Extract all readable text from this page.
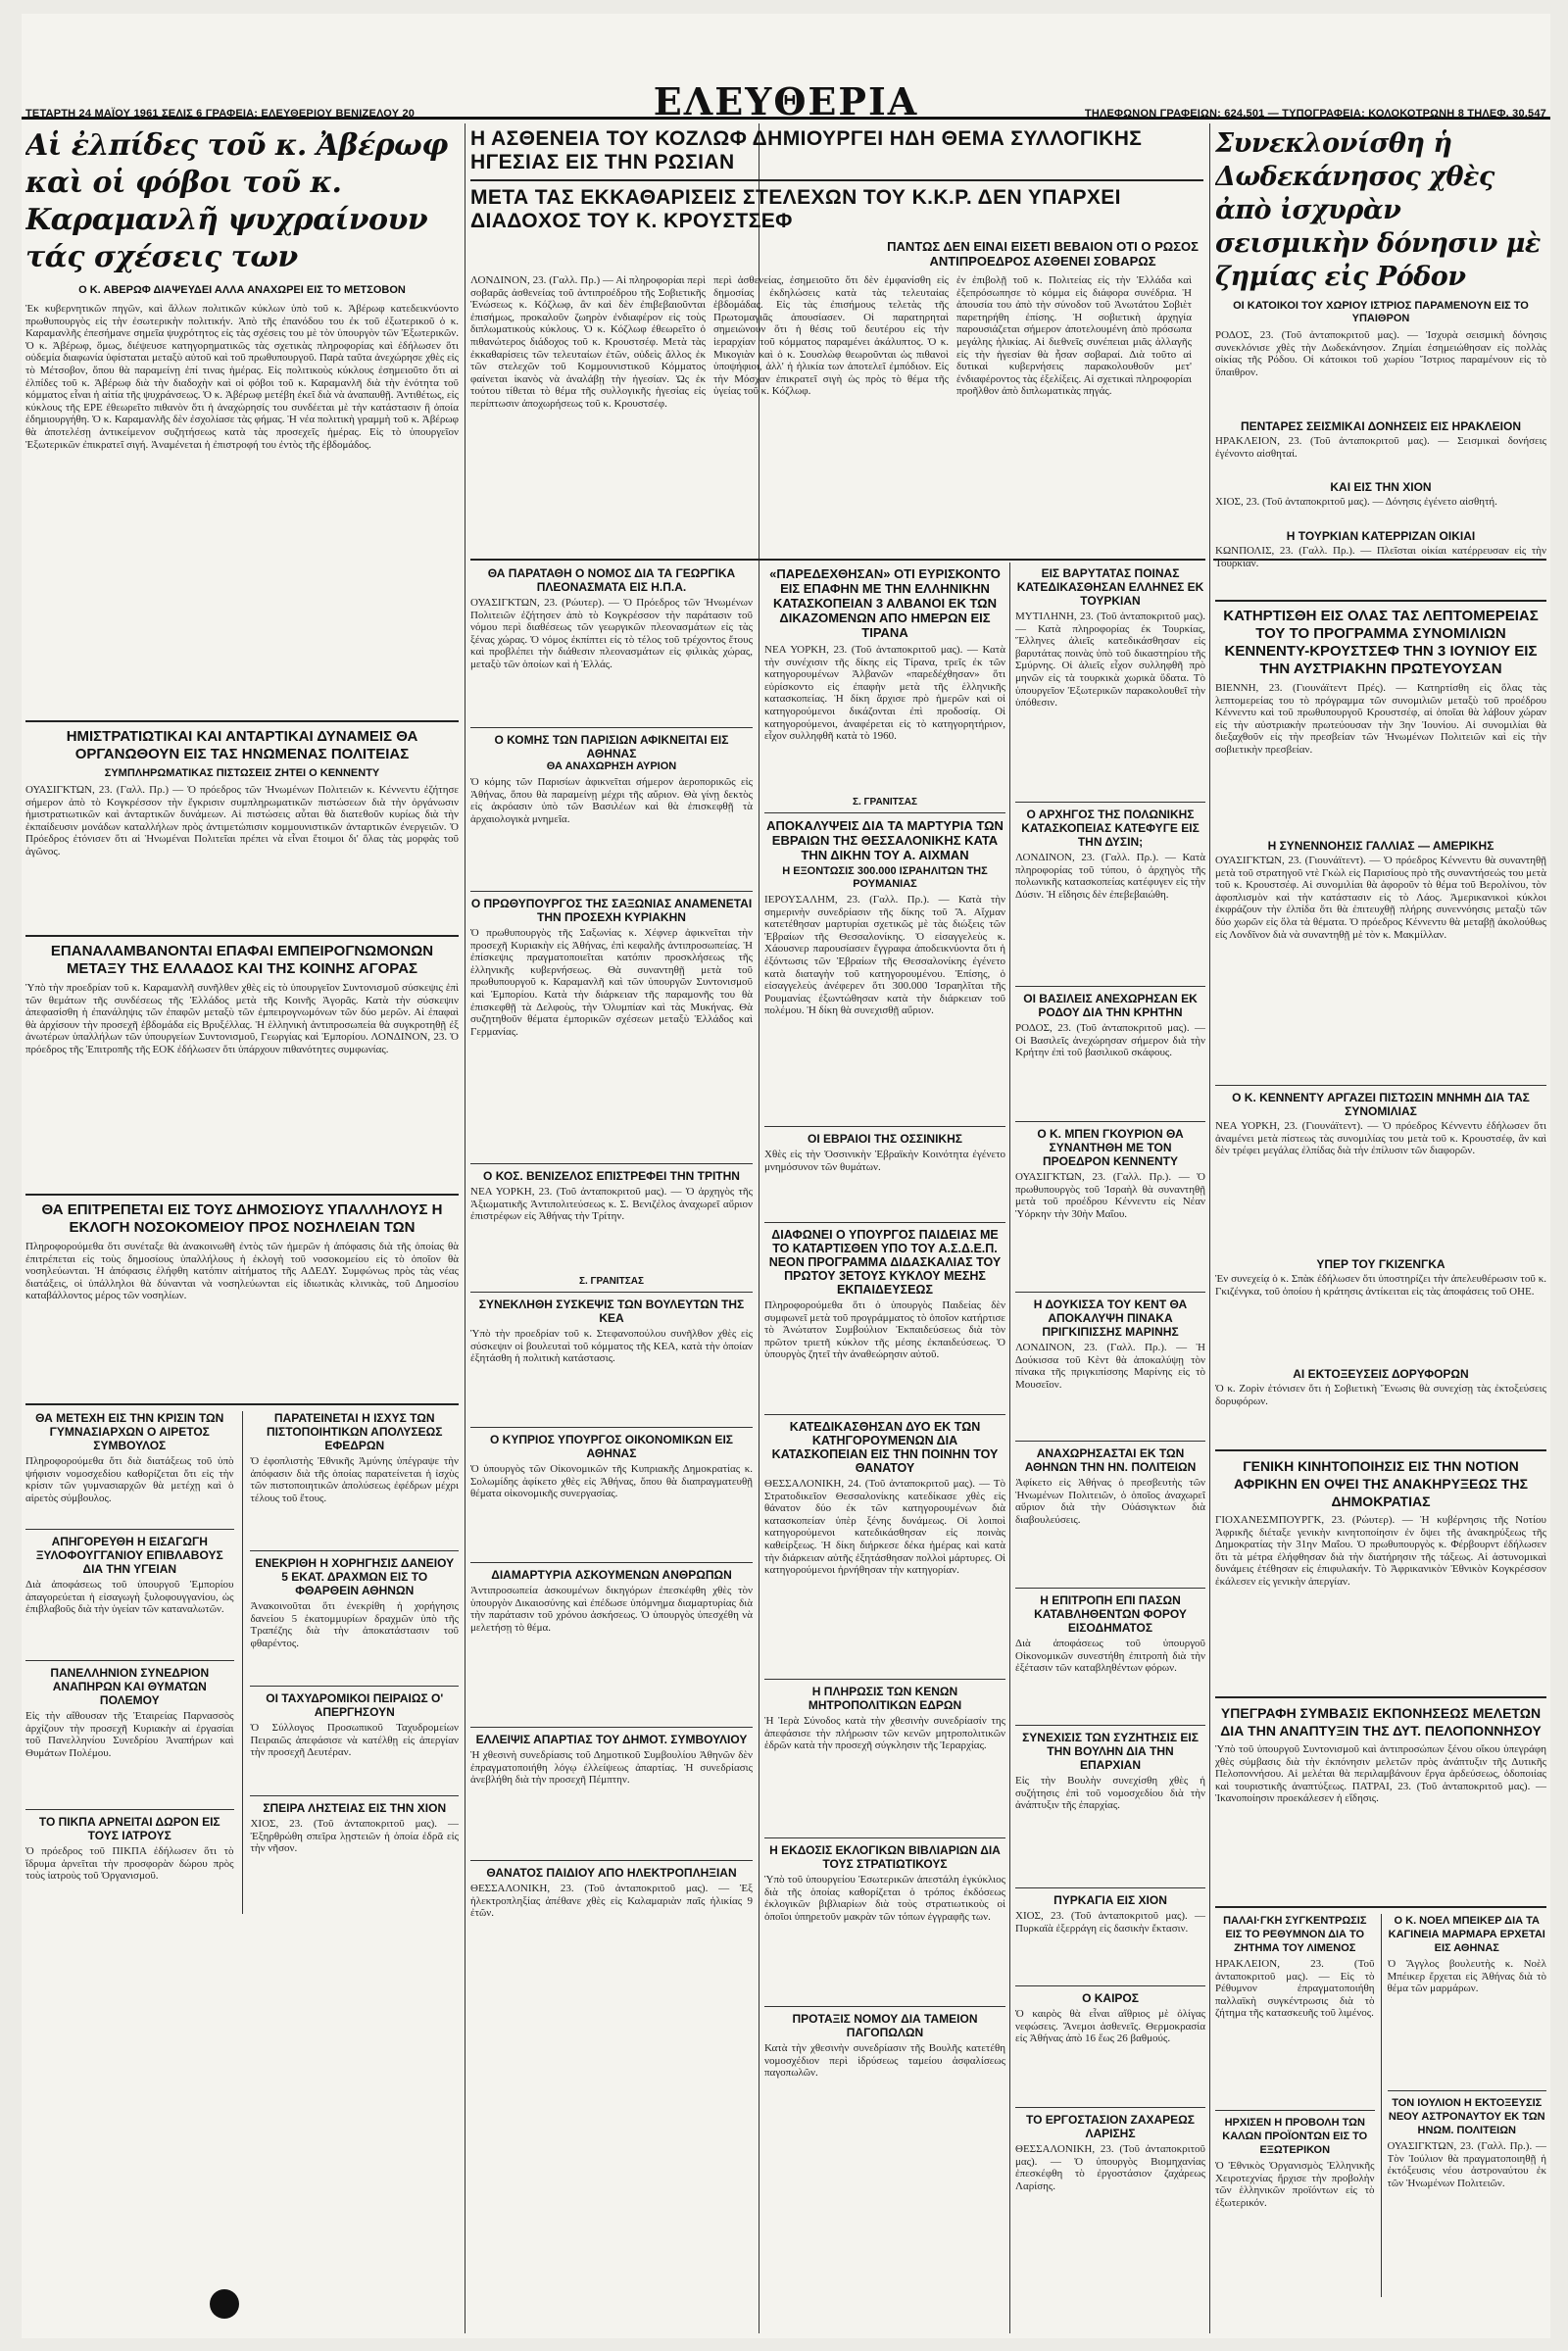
ΤΕΤΑΡΤΗ 24 ΜΑΪΟΥ 1961 ΣΕΛΙΣ 6 ΓΡΑΦΕΙΑ: ΕΛΕΥΘΕΡΙΟΥ ΒΕΝΙΖΕΛΟΥ 20	ΕΛΕΥΘΕΡΙΑ	ΤΗΛΕΦΩΝΟΝ ΓΡΑΦΕΙΩΝ: 624.501 — ΤΥΠΟΓΡΑΦΕΙΑ: ΚΟΛΟΚΟΤΡΩΝΗ 8 ΤΗΛΕΦ. 30.547
Αἱ ἐλπίδες τοῦ κ. Ἀβέρωφ καὶ οἱ φόβοι τοῦ κ. Καραμανλῆ ψυχραίνουν τάς σχέσεις των
Ο Κ. ΑΒΕΡΩΦ ΔΙΑΨΕΥΔΕΙ ΑΛΛΑ ΑΝΑΧΩΡΕΙ ΕΙΣ ΤΟ ΜΕΤΣΟΒΟΝ
Ἐκ κυβερνητικῶν πηγῶν, καὶ ἄλλων πολιτικῶν κύκλων ὑπὸ τοῦ κ. Ἀβέρωφ κατεδεικνύοντο πρωθυπουργὸς εἰς τὴν ἐσωτερικὴν πολιτικήν. Ἀπὸ τῆς ἐπανόδου του ἐκ τοῦ ἐξωτερικοῦ ὁ κ. Καραμανλῆς ἐπεσήμανε σημεῖα ψυχρότητος εἰς τὰς σχέσεις του μὲ τὸν ὑπουργὸν τῶν Ἐξωτερικῶν. Ὁ κ. Ἀβέρωφ, ὅμως, διέψευσε κατηγορηματικῶς τὰς σχετικὰς πληροφορίας καὶ ἐδήλωσεν ὅτι οὐδεμία διαφωνία ὑφίσταται μεταξὺ αὐτοῦ καὶ τοῦ πρωθυπουργοῦ. Παρὰ ταῦτα ἀνεχώρησε χθὲς εἰς τὸ Μέτσοβον, ὅπου θὰ παραμείνῃ ἐπί τινας ἡμέρας. Εἰς πολιτικοὺς κύκλους ἐσημειοῦτο ὅτι αἱ ἐλπίδες τοῦ κ. Ἀβέρωφ διὰ τὴν διαδοχὴν καὶ οἱ φόβοι τοῦ κ. Καραμανλῆ διὰ τὴν ἑνότητα τοῦ κόμματος εἶναι ἡ αἰτία τῆς ψυχράνσεως. Ὁ κ. Ἀβέρωφ μετέβη ἐκεῖ διὰ νὰ ἀναπαυθῇ. Ἀντιθέτως, εἰς κύκλους τῆς ΕΡΕ ἐθεωρεῖτο πιθανὸν ὅτι ἡ ἀναχώρησίς του συνδέεται μὲ τὴν κατάστασιν ἣ ὁποία ἐδημιουργήθη. Ὁ κ. Καραμανλῆς δὲν ἐσχολίασε τὰς φήμας. Ἡ νέα πολιτικὴ γραμμὴ τοῦ κ. Ἀβέρωφ θὰ ἀποτελέσῃ ἀντικείμενον συζητήσεως κατὰ τὰς προσεχεῖς ἡμέρας. Εἰς τὸ ὑπουργεῖον Ἐξωτερικῶν ἐπικρατεῖ σιγή. Ἀναμένεται ἡ ἐπιστροφή του ἐντὸς τῆς ἑβδομάδος.
ΗΜΙΣΤΡΑΤΙΩΤΙΚΑΙ ΚΑΙ ΑΝΤΑΡΤΙΚΑΙ ΔΥΝΑΜΕΙΣ ΘΑ ΟΡΓΑΝΩΘΟΥΝ ΕΙΣ ΤΑΣ ΗΝΩΜΕΝΑΣ ΠΟΛΙΤΕΙΑΣ
ΣΥΜΠΛΗΡΩΜΑΤΙΚΑΣ ΠΙΣΤΩΣΕΙΣ ΖΗΤΕΙ Ο ΚΕΝΝΕΝΤΥ
ΟΥΑΣΙΓΚΤΩΝ, 23. (Γαλλ. Πρ.) — Ὁ πρόεδρος τῶν Ἡνωμένων Πολιτειῶν κ. Κέννεντυ ἐζήτησε σήμερον ἀπὸ τὸ Κογκρέσσον τὴν ἔγκρισιν συμπληρωματικῶν πιστώσεων διὰ τὴν ὀργάνωσιν ἡμιστρατιωτικῶν καὶ ἀνταρτικῶν δυνάμεων. Αἱ πιστώσεις αὗται θὰ διατεθοῦν κυρίως διὰ τὴν ἐκπαίδευσιν μονάδων καταλλήλων πρὸς ἀντιμετώπισιν κομμουνιστικῶν ἀνταρτικῶν ἐνεργειῶν. Ὁ Πρόεδρος ἐτόνισεν ὅτι αἱ Ἡνωμέναι Πολιτεῖαι πρέπει νὰ εἶναι ἕτοιμοι δι' ὅλας τὰς μορφὰς τοῦ ἀγῶνος.
ΕΠΑΝΑΛΑΜΒΑΝΟΝΤΑΙ ΕΠΑΦΑΙ ΕΜΠΕΙΡΟΓΝΩΜΟΝΩΝ ΜΕΤΑΞΥ ΤΗΣ ΕΛΛΑΔΟΣ ΚΑΙ ΤΗΣ ΚΟΙΝΗΣ ΑΓΟΡΑΣ
Ὑπὸ τὴν προεδρίαν τοῦ κ. Καραμανλῆ συνῆλθεν χθὲς εἰς τὸ ὑπουργεῖον Συντονισμοῦ σύσκεψις ἐπὶ τῶν θεμάτων τῆς συνδέσεως τῆς Ἑλλάδος μετὰ τῆς Κοινῆς Ἀγορᾶς. Κατὰ τὴν σύσκεψιν ἀπεφασίσθη ἡ ἐπανάληψις τῶν ἐπαφῶν μεταξὺ τῶν ἐμπειρογνωμόνων τῶν δύο μερῶν. Αἱ ἐπαφαὶ θὰ ἀρχίσουν τὴν προσεχῆ ἑβδομάδα εἰς Βρυξέλλας. Ἡ ἑλληνικὴ ἀντιπροσωπεία θὰ συγκροτηθῇ ἐξ ἀνωτέρων ὑπαλλήλων τῶν ὑπουργείων Συντονισμοῦ, Γεωργίας καὶ Ἐμπορίου. ΛΟΝΔΙΝΟΝ, 23. Ὁ πρόεδρος τῆς Ἐπιτροπῆς τῆς ΕΟΚ ἐδήλωσεν ὅτι ὑπάρχουν πιθανότητες συμφωνίας.
ΘΑ ΕΠΙΤΡΕΠΕΤΑΙ ΕΙΣ ΤΟΥΣ ΔΗΜΟΣΙΟΥΣ ΥΠΑΛΛΗΛΟΥΣ Η ΕΚΛΟΓΗ ΝΟΣΟΚΟΜΕΙΟΥ ΠΡΟΣ ΝΟΣΗΛΕΙΑΝ ΤΩΝ
Πληροφορούμεθα ὅτι συνέταξε θὰ ἀνακοινωθῆ ἐντὸς τῶν ἡμερῶν ἡ ἀπόφασις διὰ τῆς ὁποίας θὰ ἐπιτρέπεται εἰς τοὺς δημοσίους ὑπαλλήλους ἡ ἐκλογὴ τοῦ νοσοκομείου εἰς τὸ ὁποῖον θὰ νοσηλεύωνται. Ἡ ἀπόφασις ἐλήφθη κατόπιν αἰτήματος τῆς ΑΔΕΔΥ. Συμφώνως πρὸς τὰς νέας διατάξεις, οἱ ὑπάλληλοι θὰ δύνανται νὰ νοσηλεύωνται εἰς ἰδιωτικὰς κλινικὰς, τοῦ Δημοσίου καταβάλλοντος μέρος τῶν νοσηλίων.
ΘΑ ΜΕΤΕΧΗ ΕΙΣ ΤΗΝ ΚΡΙΣΙΝ ΤΩΝ ΓΥΜΝΑΣΙΑΡΧΩΝ Ο ΑΙΡΕΤΟΣ ΣΥΜΒΟΥΛΟΣ
Πληροφορούμεθα ὅτι διὰ διατάξεως τοῦ ὑπὸ ψήφισιν νομοσχεδίου καθορίζεται ὅτι εἰς τὴν κρίσιν τῶν γυμνασιαρχῶν θὰ μετέχῃ καὶ ὁ αἱρετὸς σύμβουλος.
ΑΠΗΓΟΡΕΥΘΗ Η ΕΙΣΑΓΩΓΗ ΞΥΛΟΦΟΥΓΓΑΝΙΟΥ ΕΠΙΒΛΑΒΟΥΣ ΔΙΑ ΤΗΝ ΥΓΕΙΑΝ
Διὰ ἀποφάσεως τοῦ ὑπουργοῦ Ἐμπορίου ἀπαγορεύεται ἡ εἰσαγωγὴ ξυλοφουγγανίου, ὡς ἐπιβλαβοῦς διὰ τὴν ὑγείαν τῶν καταναλωτῶν.
ΠΑΝΕΛΛΗΝΙΟΝ ΣΥΝΕΔΡΙΟΝ ΑΝΑΠΗΡΩΝ ΚΑΙ ΘΥΜΑΤΩΝ ΠΟΛΕΜΟΥ
Εἰς τὴν αἴθουσαν τῆς Ἑταιρείας Παρνασσὸς ἀρχίζουν τὴν προσεχῆ Κυριακὴν αἱ ἐργασίαι τοῦ Πανελληνίου Συνεδρίου Ἀναπήρων καὶ Θυμάτων Πολέμου.
ΤΟ ΠΙΚΠΑ ΑΡΝΕΙΤΑΙ ΔΩΡΟΝ ΕΙΣ ΤΟΥΣ ΙΑΤΡΟΥΣ
Ὁ πρόεδρος τοῦ ΠΙΚΠΑ ἐδήλωσεν ὅτι τὸ ἵδρυμα ἀρνεῖται τὴν προσφορὰν δώρου πρὸς τοὺς ἰατροὺς τοῦ Ὀργανισμοῦ.
ΠΑΡΑΤΕΙΝΕΤΑΙ Η ΙΣΧΥΣ ΤΩΝ ΠΙΣΤΟΠΟΙΗΤΙΚΩΝ ΑΠΟΛΥΣΕΩΣ ΕΦΕΔΡΩΝ
Ὁ ἐφοπλιστὴς Ἐθνικῆς Ἀμύνης ὑπέγραψε τὴν ἀπόφασιν διὰ τῆς ὁποίας παρατείνεται ἡ ἰσχὺς τῶν πιστοποιητικῶν ἀπολύσεως ἐφέδρων μέχρι τέλους τοῦ ἔτους.
ΕΝΕΚΡΙΘΗ Η ΧΟΡΗΓΗΣΙΣ ΔΑΝΕΙΟΥ 5 ΕΚΑΤ. ΔΡΑΧΜΩΝ ΕΙΣ ΤΟ ΦΘΑΡΘΕΙΝ ΑΘΗΝΩΝ
Ἀνακοινοῦται ὅτι ἐνεκρίθη ἡ χορήγησις δανείου 5 ἑκατομμυρίων δραχμῶν ὑπὸ τῆς Τραπέζης διὰ τὴν ἀποκατάστασιν τοῦ φθαρέντος.
ΟΙ ΤΑΧΥΔΡΟΜΙΚΟΙ ΠΕΙΡΑΙΩΣ Ο' ΑΠΕΡΓΗΣΟΥΝ
Ὁ Σύλλογος Προσωπικοῦ Ταχυδρομείων Πειραιῶς ἀπεφάσισε νὰ κατέλθῃ εἰς ἀπεργίαν τὴν προσεχῆ Δευτέραν.
ΣΠΕΙΡΑ ΛΗΣΤΕΙΑΣ ΕΙΣ ΤΗΝ ΧΙΟΝ
ΧΙΟΣ, 23. (Τοῦ ἀνταποκριτοῦ μας). — Ἐξηρθρώθη σπεῖρα λῃστειῶν ἡ ὁποία ἐδρᾶ εἰς τὴν νῆσον.
Η ΑΣΘΕΝΕΙΑ ΤΟΥ ΚΟΖΛΩΦ ΔΗΜΙΟΥΡΓΕΙ ΗΔΗ ΘΕΜΑ ΣΥΛΛΟΓΙΚΗΣ ΗΓΕΣΙΑΣ ΕΙΣ ΤΗΝ ΡΩΣΙΑΝ
ΜΕΤΑ ΤΑΣ ΕΚΚΑΘΑΡΙΣΕΙΣ ΣΤΕΛΕΧΩΝ ΤΟΥ Κ.Κ.Ρ. ΔΕΝ ΥΠΑΡΧΕΙ ΔΙΑΔΟΧΟΣ ΤΟΥ Κ. ΚΡΟΥΣΤΣΕΦ
ΠΑΝΤΩΣ ΔΕΝ ΕΙΝΑΙ ΕΙΣΕΤΙ ΒΕΒΑΙΟΝ ΟΤΙ Ο ΡΩΣΟΣ ΑΝΤΙΠΡΟΕΔΡΟΣ ΑΣΘΕΝΕΙ ΣΟΒΑΡΩΣ
ΛΟΝΔΙΝΟΝ, 23. (Γαλλ. Πρ.) — Αἱ πληροφορίαι περὶ σοβαρᾶς ἀσθενείας τοῦ ἀντιπροέδρου τῆς Σοβιετικῆς Ἑνώσεως κ. Κόζλωφ, ἂν καὶ δὲν ἐπιβεβαιοῦνται ἐπισήμως, προκαλοῦν ζωηρὸν ἐνδιαφέρον εἰς τοὺς διπλωματικοὺς κύκλους. Ὁ κ. Κόζλωφ ἐθεωρεῖτο ὁ πιθανώτερος διάδοχος τοῦ κ. Κρουστσέφ. Μετὰ τὰς ἐκκαθαρίσεις τῶν τελευταίων ἐτῶν, οὐδεὶς ἄλλος ἐκ τῶν στελεχῶν τοῦ Κομμουνιστικοῦ Κόμματος φαίνεται ἱκανὸς νὰ ἀναλάβῃ τὴν ἡγεσίαν. Ὡς ἐκ τούτου τίθεται τὸ θέμα τῆς συλλογικῆς ἡγεσίας εἰς περίπτωσιν ἀποχωρήσεως τοῦ κ. Κρουστσέφ.
περὶ ἀσθενείας, ἐσημειοῦτο ὅτι δὲν ἐμφανίσθη εἰς δημοσίας ἐκδηλώσεις κατὰ τὰς τελευταίας ἑβδομάδας. Εἰς τὰς ἐπισήμους τελετὰς τῆς Πρωτομαγιᾶς ἀπουσίασεν. Οἱ παρατηρηταὶ σημειώνουν ὅτι ἡ θέσις τοῦ δευτέρου εἰς τὴν ἱεραρχίαν τοῦ κόμματος παραμένει ἀκάλυπτος. Ὁ κ. Μικογιὰν καὶ ὁ κ. Σουσλὼφ θεωροῦνται ὡς πιθανοὶ ὑποψήφιοι, ἀλλ' ἡ ἡλικία των ἀποτελεῖ ἐμπόδιον. Εἰς τὴν Μόσχαν ἐπικρατεῖ σιγὴ ὡς πρὸς τὸ θέμα τῆς ὑγείας τοῦ κ. Κόζλωφ.
ἐν ἐπιβολῇ τοῦ κ. Πολιτείας εἰς τὴν Ἐλλάδα καὶ ἐξεπρόσωπησε τὸ κόμμα εἰς διάφορα συνέδρια. Ἡ ἀπουσία του ἀπὸ τὴν σύνοδον τοῦ Ἀνωτάτου Σοβιὲτ παρετηρήθη ἐπίσης. Ἡ σοβιετικὴ ἀρχηγία παρουσιάζεται σήμερον ἀποτελουμένη ἀπὸ πρόσωπα μεγάλης ἡλικίας. Αἱ διεθνεῖς συνέπειαι μιᾶς ἀλλαγῆς εἰς τὴν ἡγεσίαν θὰ ἦσαν σοβαραί. Διὰ τοῦτο αἱ δυτικαὶ κυβερνήσεις παρακολουθοῦν μετ' ἐνδιαφέροντος τὰς ἐξελίξεις. Αἱ σχετικαὶ πληροφορίαι προῆλθον ἀπὸ διπλωματικὰς πηγάς.
ΘΑ ΠΑΡΑΤΑΘΗ Ο ΝΟΜΟΣ ΔΙΑ ΤΑ ΓΕΩΡΓΙΚΑ ΠΛΕΟΝΑΣΜΑΤΑ ΕΙΣ Η.Π.Α.
ΟΥΑΣΙΓΚΤΩΝ, 23. (Ρώυτερ). — Ὁ Πρόεδρος τῶν Ἡνωμένων Πολιτειῶν ἐζήτησεν ἀπὸ τὸ Κογκρέσσον τὴν παράτασιν τοῦ νόμου περὶ διαθέσεως τῶν γεωργικῶν πλεονασμάτων εἰς τὰς ξένας χώρας. Ὁ νόμος ἐκπίπτει εἰς τὸ τέλος τοῦ τρέχοντος ἔτους καὶ προβλέπει τὴν διάθεσιν πλεονασμάτων εἰς φιλικὰς χώρας, μεταξὺ τῶν ὁποίων καὶ ἡ Ἑλλάς.
Ο ΚΟΜΗΣ ΤΩΝ ΠΑΡΙΣΙΩΝ ΑΦΙΚΝΕΙΤΑΙ ΕΙΣ ΑΘΗΝΑΣ
ΘΑ ΑΝΑΧΩΡΗΣΗ ΑΥΡΙΟΝ
Ὁ κόμης τῶν Παρισίων ἀφικνεῖται σήμερον ἀεροπορικῶς εἰς Ἀθήνας, ὅπου θὰ παραμείνῃ μέχρι τῆς αὔριον. Θὰ γίνῃ δεκτὸς εἰς ἀκρόασιν ὑπὸ τῶν Βασιλέων καὶ θὰ ἐπισκεφθῇ τὰ ἀρχαιολογικὰ μνημεῖα.
Ο ΠΡΩΘΥΠΟΥΡΓΟΣ ΤΗΣ ΣΑΞΩΝΙΑΣ ΑΝΑΜΕΝΕΤΑΙ ΤΗΝ ΠΡΟΣΕΧΗ ΚΥΡΙΑΚΗΝ
Ὁ πρωθυπουργὸς τῆς Σαξωνίας κ. Χέφνερ ἀφικνεῖται τὴν προσεχῆ Κυριακὴν εἰς Ἀθήνας, ἐπὶ κεφαλῆς ἀντιπροσωπείας. Ἡ ἐπίσκεψις πραγματοποιεῖται κατόπιν προσκλήσεως τῆς ἑλληνικῆς κυβερνήσεως. Θὰ συναντηθῇ μετὰ τοῦ πρωθυπουργοῦ κ. Καραμανλῆ καὶ τῶν ὑπουργῶν Συντονισμοῦ καὶ Ἐμπορίου. Κατὰ τὴν διάρκειαν τῆς παραμονῆς του θὰ ἐπισκεφθῇ τὰ Δελφοὺς, τὴν Ὀλυμπίαν καὶ τὰς Μυκήνας. Θὰ συζητηθοῦν θέματα ἐμπορικῶν σχέσεων μεταξὺ Ἑλλάδος καὶ Γερμανίας.
Ο ΚΟΣ. ΒΕΝΙΖΕΛΟΣ ΕΠΙΣΤΡΕΦΕΙ ΤΗΝ ΤΡΙΤΗΝ
ΝΕΑ ΥΟΡΚΗ, 23. (Τοῦ ἀνταποκριτοῦ μας). — Ὁ ἀρχηγὸς τῆς Ἀξιωματικῆς Ἀντιπολιτεύσεως κ. Σ. Βενιζέλος ἀναχωρεῖ αὔριον ἐπιστρέφων εἰς Ἀθήνας τὴν Τρίτην.
Σ. ΓΡΑΝΙΤΣΑΣ
ΣΥΝΕΚΛΗΘΗ ΣΥΣΚΕΨΙΣ ΤΩΝ ΒΟΥΛΕΥΤΩΝ ΤΗΣ ΚΕΑ
Ὑπὸ τὴν προεδρίαν τοῦ κ. Στεφανοπούλου συνῆλθον χθὲς εἰς σύσκεψιν οἱ βουλευταὶ τοῦ κόμματος τῆς ΚΕΑ, κατὰ τὴν ὁποίαν ἐξητάσθη ἡ πολιτικὴ κατάστασις.
Ο ΚΥΠΡΙΟΣ ΥΠΟΥΡΓΟΣ ΟΙΚΟΝΟΜΙΚΩΝ ΕΙΣ ΑΘΗΝΑΣ
Ὁ ὑπουργὸς τῶν Οἰκονομικῶν τῆς Κυπριακῆς Δημοκρατίας κ. Σολωμίδης ἀφίκετο χθὲς εἰς Ἀθήνας, ὅπου θὰ διαπραγματευθῇ θέματα οἰκονομικῆς συνεργασίας.
ΔΙΑΜΑΡΤΥΡΙΑ ΑΣΚΟΥΜΕΝΩΝ ΑΝΘΡΩΠΩΝ
Ἀντιπροσωπεία ἀσκουμένων δικηγόρων ἐπεσκέφθη χθὲς τὸν ὑπουργὸν Δικαιοσύνης καὶ ἐπέδωσε ὑπόμνημα διαμαρτυρίας διὰ τὴν παράτασιν τοῦ χρόνου ἀσκήσεως. Ὁ ὑπουργὸς ὑπεσχέθη νὰ μελετήσῃ τὸ θέμα.
ΕΛΛΕΙΨΙΣ ΑΠΑΡΤΙΑΣ ΤΟΥ ΔΗΜΟΤ. ΣΥΜΒΟΥΛΙΟΥ
Ἡ χθεσινὴ συνεδρίασις τοῦ Δημοτικοῦ Συμβουλίου Ἀθηνῶν δὲν ἐπραγματοποιήθη λόγῳ ἐλλείψεως ἀπαρτίας. Ἡ συνεδρίασις ἀνεβλήθη διὰ τὴν προσεχῆ Πέμπτην.
ΘΑΝΑΤΟΣ ΠΑΙΔΙΟΥ ΑΠΟ ΗΛΕΚΤΡΟΠΛΗΞΙΑΝ
ΘΕΣΣΑΛΟΝΙΚΗ, 23. (Τοῦ ἀνταποκριτοῦ μας). — Ἐξ ἠλεκτροπληξίας ἀπέθανε χθὲς εἰς Καλαμαριὰν παῖς ἡλικίας 9 ἐτῶν.
«ΠΑΡΕΔΕΧΘΗΣΑΝ» ΟΤΙ ΕΥΡΙΣΚΟΝΤΟ ΕΙΣ ΕΠΑΦΗΝ ΜΕ ΤΗΝ ΕΛΛΗΝΙΚΗΝ ΚΑΤΑΣΚΟΠΕΙΑΝ 3 ΑΛΒΑΝΟΙ ΕΚ ΤΩΝ ΔΙΚΑΖΟΜΕΝΩΝ ΑΠΟ ΗΜΕΡΩΝ ΕΙΣ ΤΙΡΑΝΑ
ΝΕΑ ΥΟΡΚΗ, 23. (Τοῦ ἀνταποκριτοῦ μας). — Κατὰ τὴν συνέχισιν τῆς δίκης εἰς Τίρανα, τρεῖς ἐκ τῶν κατηγορουμένων Ἀλβανῶν «παρεδέχθησαν» ὅτι εὑρίσκοντο εἰς ἐπαφὴν μετὰ τῆς ἑλληνικῆς κατασκοπείας. Ἡ δίκη ἄρχισε πρὸ ἡμερῶν καὶ οἱ κατηγορούμενοι δικάζονται ἐπὶ προδοσίᾳ. Οἱ κατηγορούμενοι, ἀναφέρεται εἰς τὸ κατηγορητήριον, εἶχον συλληφθῆ κατὰ τὸ 1960.
Σ. ΓΡΑΝΙΤΣΑΣ
ΑΠΟΚΑΛΥΨΕΙΣ ΔΙΑ ΤΑ ΜΑΡΤΥΡΙΑ ΤΩΝ ΕΒΡΑΙΩΝ ΤΗΣ ΘΕΣΣΑΛΟΝΙΚΗΣ ΚΑΤΑ ΤΗΝ ΔΙΚΗΝ ΤΟΥ Α. ΑΙΧΜΑΝ
Η ΕΞΟΝΤΩΣΙΣ 300.000 ΙΣΡΑΗΛΙΤΩΝ ΤΗΣ ΡΟΥΜΑΝΙΑΣ
ΙΕΡΟΥΣΑΛΗΜ, 23. (Γαλλ. Πρ.). — Κατὰ τὴν σημερινὴν συνεδρίασιν τῆς δίκης τοῦ Ἄ. Αἴχμαν κατετέθησαν μαρτυρίαι σχετικῶς μὲ τὰς διώξεις τῶν Ἑβραίων τῆς Θεσσαλονίκης. Ὁ εἰσαγγελεὺς κ. Χάουσνερ παρουσίασεν ἔγγραφα ἀποδεικνύοντα ὅτι ἡ ἐξόντωσις τῶν Ἑβραίων τῆς Θεσσαλονίκης ἐγένετο κατὰ διαταγὴν τοῦ κατηγορουμένου. Ἐπίσης, ὁ εἰσαγγελεὺς ἀνέφερεν ὅτι 300.000 Ἰσραηλῖται τῆς Ρουμανίας ἐξωντώθησαν κατὰ τὴν διάρκειαν τοῦ πολέμου. Ἡ δίκη θὰ συνεχισθῇ αὔριον.
ΟΙ ΕΒΡΑΙΟΙ ΤΗΣ ΟΣΣΙΝΙΚΗΣ
Χθὲς εἰς τὴν Ὀσσινικὴν Ἑβραϊκὴν Κοινότητα ἐγένετο μνημόσυνον τῶν θυμάτων.
ΔΙΑΦΩΝΕΙ Ο ΥΠΟΥΡΓΟΣ ΠΑΙΔΕΙΑΣ ΜΕ ΤΟ ΚΑΤΑΡΤΙΣΘΕΝ ΥΠΟ ΤΟΥ Α.Σ.Δ.Ε.Π. ΝΕΟΝ ΠΡΟΓΡΑΜΜΑ ΔΙΔΑΣΚΑΛΙΑΣ ΤΟΥ ΠΡΩΤΟΥ 3ΕΤΟΥΣ ΚΥΚΛΟΥ ΜΕΣΗΣ ΕΚΠΑΙΔΕΥΣΕΩΣ
Πληροφορούμεθα ὅτι ὁ ὑπουργὸς Παιδείας δὲν συμφωνεῖ μετὰ τοῦ προγράμματος τὸ ὁποῖον κατήρτισε τὸ Ἀνώτατον Συμβούλιον Ἐκπαιδεύσεως διὰ τὸν πρῶτον τριετῆ κύκλον τῆς μέσης ἐκπαιδεύσεως. Ὁ ὑπουργὸς ζητεῖ τὴν ἀναθεώρησιν αὐτοῦ.
ΚΑΤΕΔΙΚΑΣΘΗΣΑΝ ΔΥΟ ΕΚ ΤΩΝ ΚΑΤΗΓΟΡΟΥΜΕΝΩΝ ΔΙΑ ΚΑΤΑΣΚΟΠΕΙΑΝ ΕΙΣ ΤΗΝ ΠΟΙΝΗΝ ΤΟΥ ΘΑΝΑΤΟΥ
ΘΕΣΣΑΛΟΝΙΚΗ, 24. (Τοῦ ἀνταποκριτοῦ μας). — Τὸ Στρατοδικεῖον Θεσσαλονίκης κατεδίκασε χθὲς εἰς θάνατον δύο ἐκ τῶν κατηγορουμένων διὰ κατασκοπείαν ὑπὲρ ξένης δυνάμεως. Οἱ λοιποὶ κατηγορούμενοι κατεδικάσθησαν εἰς ποινὰς καθείρξεως. Ἡ δίκη διήρκεσε δέκα ἡμέρας καὶ κατὰ τὴν διάρκειαν αὐτῆς ἐξητάσθησαν πολλοὶ μάρτυρες. Οἱ κατηγορούμενοι ἠρνήθησαν τὴν κατηγορίαν.
Η ΠΛΗΡΩΣΙΣ ΤΩΝ ΚΕΝΩΝ ΜΗΤΡΟΠΟΛΙΤΙΚΩΝ ΕΔΡΩΝ
Ἡ Ἱερὰ Σύνοδος κατὰ τὴν χθεσινὴν συνεδρίασίν της ἀπεφάσισε τὴν πλήρωσιν τῶν κενῶν μητροπολιτικῶν ἑδρῶν κατὰ τὴν προσεχῆ σύγκλησιν τῆς Ἱεραρχίας.
Η ΕΚΔΟΣΙΣ ΕΚΛΟΓΙΚΩΝ ΒΙΒΛΙΑΡΙΩΝ ΔΙΑ ΤΟΥΣ ΣΤΡΑΤΙΩΤΙΚΟΥΣ
Ὑπὸ τοῦ ὑπουργείου Ἐσωτερικῶν ἀπεστάλη ἐγκύκλιος διὰ τῆς ὁποίας καθορίζεται ὁ τρόπος ἐκδόσεως ἐκλογικῶν βιβλιαρίων διὰ τοὺς στρατιωτικοὺς οἱ ὁποῖοι ὑπηρετοῦν μακρὰν τῶν τόπων ἐγγραφῆς των.
ΠΡΟΤΑΞΙΣ ΝΟΜΟΥ ΔΙΑ ΤΑΜΕΙΟΝ ΠΑΓΟΠΩΛΩΝ
Κατὰ τὴν χθεσινὴν συνεδρίασιν τῆς Βουλῆς κατετέθη νομοσχέδιον περὶ ἱδρύσεως ταμείου ἀσφαλίσεως παγοπωλῶν.
ΕΙΣ ΒΑΡΥΤΑΤΑΣ ΠΟΙΝΑΣ ΚΑΤΕΔΙΚΑΣΘΗΣΑΝ ΕΛΛΗΝΕΣ ΕΚ ΤΟΥΡΚΙΑΝ
ΜΥΤΙΛΗΝΗ, 23. (Τοῦ ἀνταποκριτοῦ μας). — Κατὰ πληροφορίας ἐκ Τουρκίας, Ἕλληνες ἀλιεῖς κατεδικάσθησαν εἰς βαρυτάτας ποινὰς ὑπὸ τοῦ δικαστηρίου τῆς Σμύρνης. Οἱ ἀλιεῖς εἶχον συλληφθῆ πρὸ μηνῶν εἰς τὰ τουρκικὰ χωρικὰ ὕδατα. Τὸ ὑπουργεῖον Ἐξωτερικῶν παρακολουθεῖ τὴν ὑπόθεσιν.
Ο ΑΡΧΗΓΟΣ ΤΗΣ ΠΟΛΩΝΙΚΗΣ ΚΑΤΑΣΚΟΠΕΙΑΣ ΚΑΤΕΦΥΓΕ ΕΙΣ ΤΗΝ ΔΥΣΙΝ;
ΛΟΝΔΙΝΟΝ, 23. (Γαλλ. Πρ.). — Κατὰ πληροφορίας τοῦ τύπου, ὁ ἀρχηγὸς τῆς πολωνικῆς κατασκοπείας κατέφυγεν εἰς τὴν Δύσιν. Ἡ εἴδησις δὲν ἐπεβεβαιώθη.
ΟΙ ΒΑΣΙΛΕΙΣ ΑΝΕΧΩΡΗΣΑΝ ΕΚ ΡΟΔΟΥ ΔΙΑ ΤΗΝ ΚΡΗΤΗΝ
ΡΟΔΟΣ, 23. (Τοῦ ἀνταποκριτοῦ μας). — Οἱ Βασιλεῖς ἀνεχώρησαν σήμερον διὰ τὴν Κρήτην ἐπὶ τοῦ βασιλικοῦ σκάφους.
Ο Κ. ΜΠΕΝ ΓΚΟΥΡΙΟΝ ΘΑ ΣΥΝΑΝΤΗΘΗ ΜΕ ΤΟΝ ΠΡΟΕΔΡΟΝ ΚΕΝΝΕΝΤΥ
ΟΥΑΣΙΓΚΤΩΝ, 23. (Γαλλ. Πρ.). — Ὁ πρωθυπουργὸς τοῦ Ἰσραὴλ θὰ συναντηθῇ μετὰ τοῦ προέδρου Κέννεντυ εἰς Νέαν Ὑόρκην τὴν 30ὴν Μαΐου.
Η ΔΟΥΚΙΣΣΑ ΤΟΥ ΚΕΝΤ ΘΑ ΑΠΟΚΑΛΥΨΗ ΠΙΝΑΚΑ ΠΡΙΓΚΙΠΙΣΣΗΣ ΜΑΡΙΝΗΣ
ΛΟΝΔΙΝΟΝ, 23. (Γαλλ. Πρ.). — Ἡ Δούκισσα τοῦ Κὲντ θὰ ἀποκαλύψῃ τὸν πίνακα τῆς πριγκιπίσσης Μαρίνης εἰς τὸ Μουσεῖον.
ΑΝΑΧΩΡΗΣΑΣΤΑΙ ΕΚ ΤΩΝ ΑΘΗΝΩΝ ΤΗΝ ΗΝ. ΠΟΛΙΤΕΙΩΝ
Ἀφίκετο εἰς Ἀθήνας ὁ πρεσβευτὴς τῶν Ἡνωμένων Πολιτειῶν, ὁ ὁποῖος ἀναχωρεῖ αὔριον διὰ τὴν Οὐάσιγκτων διὰ διαβουλεύσεις.
Η ΕΠΙΤΡΟΠΗ ΕΠΙ ΠΑΣΩΝ ΚΑΤΑΒΛΗΘΕΝΤΩΝ ΦΟΡΟΥ ΕΙΣΟΔΗΜΑΤΟΣ
Διὰ ἀποφάσεως τοῦ ὑπουργοῦ Οἰκονομικῶν συνεστήθη ἐπιτροπὴ διὰ τὴν ἐξέτασιν τῶν καταβληθέντων φόρων.
ΣΥΝΕΧΙΣΙΣ ΤΩΝ ΣΥΖΗΤΗΣΙΣ ΕΙΣ ΤΗΝ ΒΟΥΛΗΝ ΔΙΑ ΤΗΝ ΕΠΑΡΧΙΑΝ
Εἰς τὴν Βουλὴν συνεχίσθη χθὲς ἡ συζήτησις ἐπὶ τοῦ νομοσχεδίου διὰ τὴν ἀνάπτυξιν τῆς ἐπαρχίας.
ΠΥΡΚΑΓΙΑ ΕΙΣ ΧΙΟΝ
ΧΙΟΣ, 23. (Τοῦ ἀνταποκριτοῦ μας). — Πυρκαϊὰ ἐξερράγη εἰς δασικὴν ἔκτασιν.
Ο ΚΑΙΡΟΣ
Ὁ καιρὸς θὰ εἶναι αἴθριος μὲ ὀλίγας νεφώσεις. Ἄνεμοι ἀσθενεῖς. Θερμοκρασία εἰς Ἀθήνας ἀπὸ 16 ἕως 26 βαθμούς.
ΤΟ ΕΡΓΟΣΤΑΣΙΟΝ ΖΑΧΑΡΕΩΣ ΛΑΡΙΣΗΣ
ΘΕΣΣΑΛΟΝΙΚΗ, 23. (Τοῦ ἀνταποκριτοῦ μας). — Ὁ ὑπουργὸς Βιομηχανίας ἐπεσκέφθη τὸ ἐργοστάσιον ζαχάρεως Λαρίσης.
Συνεκλονίσθη ἡ Δωδεκάνησος χθὲς ἀπὸ ἰσχυρὰν σεισμικὴν δόνησιν μὲ ζημίας εἰς Ρόδον
ΟΙ ΚΑΤΟΙΚΟΙ ΤΟΥ ΧΩΡΙΟΥ ΙΣΤΡΙΟΣ ΠΑΡΑΜΕΝΟΥΝ ΕΙΣ ΤΟ ΥΠΑΙΘΡΟΝ
ΡΟΔΟΣ, 23. (Τοῦ ἀνταποκριτοῦ μας). — Ἰσχυρὰ σεισμικὴ δόνησις συνεκλόνισε χθὲς τὴν Δωδεκάνησον. Ζημίαι ἐσημειώθησαν εἰς πολλὰς οἰκίας τῆς Ρόδου. Οἱ κάτοικοι τοῦ χωρίου Ἴστριος παραμένουν εἰς τὸ ὕπαιθρον.
ΠΕΝΤΑΡΕΣ ΣΕΙΣΜΙΚΑΙ ΔΟΝΗΣΕΙΣ ΕΙΣ ΗΡΑΚΛΕΙΟΝ
ΗΡΑΚΛΕΙΟΝ, 23. (Τοῦ ἀνταποκριτοῦ μας). — Σεισμικαὶ δονήσεις ἐγένοντο αἰσθηταί.
ΚΑΙ ΕΙΣ ΤΗΝ ΧΙΟΝ
ΧΙΟΣ, 23. (Τοῦ ἀνταποκριτοῦ μας). — Δόνησις ἐγένετο αἰσθητή.
Η ΤΟΥΡΚΙΑΝ ΚΑΤΕΡΡΙΖΑΝ ΟΙΚΙΑΙ
ΚΩΝΠΟΛΙΣ, 23. (Γαλλ. Πρ.). — Πλεῖσται οἰκίαι κατέρρευσαν εἰς τὴν Τουρκίαν.
ΚΑΤΗΡΤΙΣΘΗ ΕΙΣ ΟΛΑΣ ΤΑΣ ΛΕΠΤΟΜΕΡΕΙΑΣ ΤΟΥ ΤΟ ΠΡΟΓΡΑΜΜΑ ΣΥΝΟΜΙΛΙΩΝ ΚΕΝΝΕΝΤΥ-ΚΡΟΥΣΤΣΕΦ ΤΗΝ 3 ΙΟΥΝΙΟΥ ΕΙΣ ΤΗΝ ΑΥΣΤΡΙΑΚΗΝ ΠΡΩΤΕΥΟΥΣΑΝ
ΒΙΕΝΝΗ, 23. (Γιουνάϊτεντ Πρές). — Κατηρτίσθη εἰς ὅλας τὰς λεπτομερείας του τὸ πρόγραμμα τῶν συνομιλιῶν μεταξὺ τοῦ προέδρου Κέννεντυ καὶ τοῦ πρωθυπουργοῦ Κρουστσέφ, αἱ ὁποῖαι θὰ λάβουν χώραν εἰς τὴν αὐστριακὴν πρωτεύουσαν τὴν 3ην Ἰουνίου. Αἱ συνομιλίαι θὰ διεξαχθοῦν εἰς τὴν πρεσβείαν τῶν Ἡνωμένων Πολιτειῶν καὶ εἰς τὴν σοβιετικὴν πρεσβείαν.
Η ΣΥΝΕΝΝΟΗΣΙΣ ΓΑΛΛΙΑΣ — ΑΜΕΡΙΚΗΣ
ΟΥΑΣΙΓΚΤΩΝ, 23. (Γιουνάϊτεντ). — Ὁ πρόεδρος Κέννεντυ θὰ συναντηθῇ μετὰ τοῦ στρατηγοῦ ντὲ Γκὼλ εἰς Παρισίους πρὸ τῆς συναντήσεώς του μετὰ τοῦ κ. Κρουστσέφ. Αἱ συνομιλίαι θὰ ἀφοροῦν τὸ θέμα τοῦ Βερολίνου, τὸν ἀφοπλισμὸν καὶ τὴν κατάστασιν εἰς τὸ Λάος. Ἀμερικανικοὶ κύκλοι ἐκφράζουν τὴν ἐλπίδα ὅτι θὰ ἐπιτευχθῇ πλήρης συνεννόησις μεταξὺ τῶν δύο χωρῶν εἰς ὅλα τὰ θέματα. Ὁ πρόεδρος Κέννεντυ θὰ μεταβῇ ἀκολούθως εἰς Λονδῖνον διὰ νὰ συναντηθῇ μὲ τὸν κ. Μακμίλλαν.
Ο Κ. ΚΕΝΝΕΝΤΥ ΑΡΓΑΖΕΙ ΠΙΣΤΩΣΙΝ ΜΝΗΜΗ ΔΙΑ ΤΑΣ ΣΥΝΟΜΙΛΙΑΣ
ΝΕΑ ΥΟΡΚΗ, 23. (Γιουνάϊτεντ). — Ὁ πρόεδρος Κέννεντυ ἐδήλωσεν ὅτι ἀναμένει μετὰ πίστεως τὰς συνομιλίας του μετὰ τοῦ κ. Κρουστσέφ, ἂν καὶ δὲν τρέφει μεγάλας ἐλπίδας διὰ τὴν ἐπίλυσιν τῶν διαφορῶν.
ΥΠΕΡ ΤΟΥ ΓΚΙΖΕΝΓΚΑ
Ἐν συνεχείᾳ ὁ κ. Σπὰκ ἐδήλωσεν ὅτι ὑποστηρίζει τὴν ἀπελευθέρωσιν τοῦ κ. Γκιζένγκα, τοῦ ὁποίου ἡ κράτησις ἀντίκειται εἰς τὰς ἀποφάσεις τοῦ ΟΗΕ.
ΑΙ ΕΚΤΟΞΕΥΣΕΙΣ ΔΟΡΥΦΟΡΩΝ
Ὁ κ. Ζορὶν ἐτόνισεν ὅτι ἡ Σοβιετικὴ Ἕνωσις θὰ συνεχίσῃ τὰς ἐκτοξεύσεις δορυφόρων.
ΓΕΝΙΚΗ ΚΙΝΗΤΟΠΟΙΗΣΙΣ ΕΙΣ ΤΗΝ ΝΟΤΙΟΝ ΑΦΡΙΚΗΝ ΕΝ ΟΨΕΙ ΤΗΣ ΑΝΑΚΗΡΥΞΕΩΣ ΤΗΣ ΔΗΜΟΚΡΑΤΙΑΣ
ΓΙΟΧΑΝΕΣΜΠΟΥΡΓΚ, 23. (Ρώυτερ). — Ἡ κυβέρνησις τῆς Νοτίου Ἀφρικῆς διέταξε γενικὴν κινητοποίησιν ἐν ὄψει τῆς ἀνακηρύξεως τῆς Δημοκρατίας τὴν 31ην Μαΐου. Ὁ πρωθυπουργὸς κ. Φέρβουρντ ἐδήλωσεν ὅτι τὰ μέτρα ἐλήφθησαν διὰ τὴν διατήρησιν τῆς τάξεως. Αἱ ἀστυνομικαὶ δυνάμεις ἐτέθησαν εἰς ἐπιφυλακήν. Τὸ Ἀφρικανικὸν Ἐθνικὸν Κογκρέσσον ἐκάλεσεν εἰς γενικὴν ἀπεργίαν.
ΥΠΕΓΡΑΦΗ ΣΥΜΒΑΣΙΣ ΕΚΠΟΝΗΣΕΩΣ ΜΕΛΕΤΩΝ ΔΙΑ ΤΗΝ ΑΝΑΠΤΥΞΙΝ ΤΗΣ ΔΥΤ. ΠΕΛΟΠΟΝΝΗΣΟΥ
Ὑπὸ τοῦ ὑπουργοῦ Συντονισμοῦ καὶ ἀντιπροσώπων ξένου οἴκου ὑπεγράφη χθὲς σύμβασις διὰ τὴν ἐκπόνησιν μελετῶν πρὸς ἀνάπτυξιν τῆς Δυτικῆς Πελοποννήσου. Αἱ μελέται θὰ περιλαμβάνουν ἔργα ἀρδεύσεως, ὁδοποιίας καὶ τουριστικῆς ἀναπτύξεως. ΠΑΤΡΑΙ, 23. (Τοῦ ἀνταποκριτοῦ μας). — Ἱκανοποίησιν προεκάλεσεν ἡ εἴδησις.
ΠΑΛΑΙ·ΓΚΗ ΣΥΓΚΕΝΤΡΩΣΙΣ ΕΙΣ ΤΟ ΡΕΘΥΜΝΟΝ ΔΙΑ ΤΟ ΖΗΤΗΜΑ ΤΟΥ ΛΙΜΕΝΟΣ
ΗΡΑΚΛΕΙΟΝ, 23. (Τοῦ ἀνταποκριτοῦ μας). — Εἰς τὸ Ρέθυμνον ἐπραγματοποιήθη παλλαϊκὴ συγκέντρωσις διὰ τὸ ζήτημα τῆς κατασκευῆς τοῦ λιμένος.
ΗΡΧΙΣΕΝ Η ΠΡΟΒΟΛΗ ΤΩΝ ΚΑΛΩΝ ΠΡΟΪΟΝΤΩΝ ΕΙΣ ΤΟ ΕΞΩΤΕΡΙΚΟΝ
Ὁ Ἐθνικὸς Ὀργανισμὸς Ἑλληνικῆς Χειροτεχνίας ἤρχισε τὴν προβολὴν τῶν ἑλληνικῶν προϊόντων εἰς τὸ ἐξωτερικόν.
Ο Κ. ΝΟΕΛ ΜΠΕΙΚΕΡ ΔΙΑ ΤΑ ΚΑΓΙΝΕΙΑ ΜΑΡΜΑΡΑ ΕΡΧΕΤΑΙ ΕΙΣ ΑΘΗΝΑΣ
Ὁ Ἄγγλος βουλευτὴς κ. Νοὲλ Μπέικερ ἔρχεται εἰς Ἀθήνας διὰ τὸ θέμα τῶν μαρμάρων.
ΤΟΝ ΙΟΥΛΙΟΝ Η ΕΚΤΟΞΕΥΣΙΣ ΝΕΟΥ ΑΣΤΡΟΝΑΥΤΟΥ ΕΚ ΤΩΝ ΗΝΩΜ. ΠΟΛΙΤΕΙΩΝ
ΟΥΑΣΙΓΚΤΩΝ, 23. (Γαλλ. Πρ.). — Τὸν Ἰούλιον θὰ πραγματοποιηθῇ ἡ ἐκτόξευσις νέου ἀστροναύτου ἐκ τῶν Ἡνωμένων Πολιτειῶν.
